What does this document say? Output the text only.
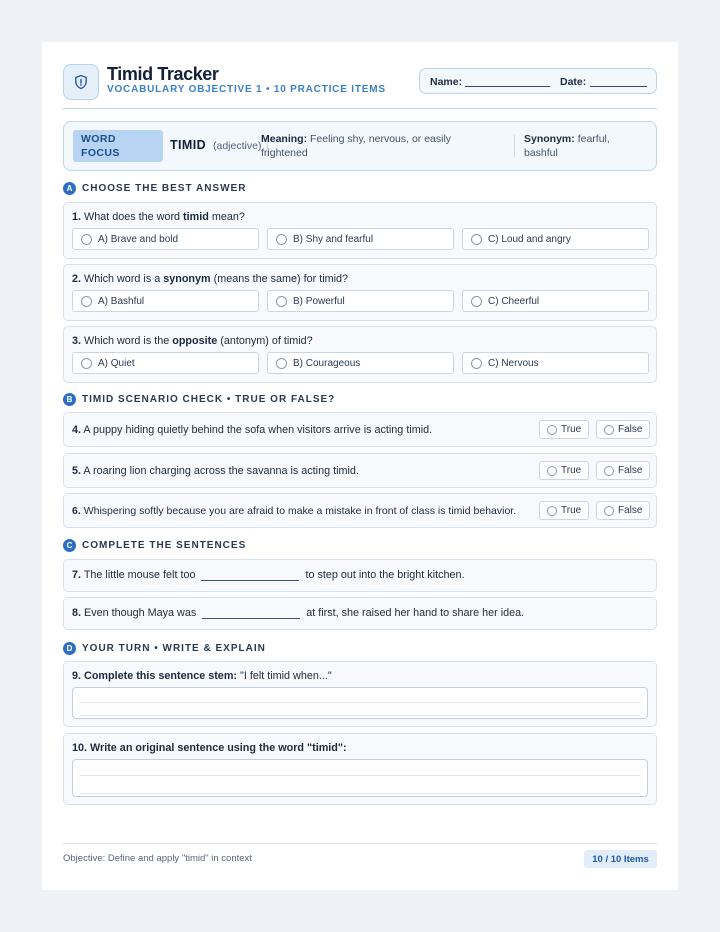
Timid Tracker
VOCABULARY OBJECTIVE 1 • 10 PRACTICE ITEMS
Name:	Date:
WORD
FOCUS
TIMID (adjective)
Meaning: Feeling shy, nervous, or easily frightened
Synonym: fearful, bashful
A CHOOSE THE BEST ANSWER
1. What does the word timid mean?
A) Brave and bold	B) Shy and fearful	C) Loud and angry
2. Which word is a synonym (means the same) for timid?
A) Bashful	B) Powerful	C) Cheerful
3. Which word is the opposite (antonym) of timid?
A) Quiet	B) Courageous	C) Nervous
B TIMID SCENARIO CHECK • TRUE OR FALSE?
4. A puppy hiding quietly behind the sofa when visitors arrive is acting timid.	True	False
5. A roaring lion charging across the savanna is acting timid.	True	False
6. Whispering softly because you are afraid to make a mistake in front of class is timid behavior.	True	False
C COMPLETE THE SENTENCES
7. The little mouse felt too	to step out into the bright kitchen.
8. Even though Maya was	at first, she raised her hand to share her idea.
D YOUR TURN • WRITE & EXPLAIN
9. Complete this sentence stem: "I felt timid when..."
10. Write an original sentence using the word "timid":
Objective: Define and apply "timid" in context	10 / 10 Items
